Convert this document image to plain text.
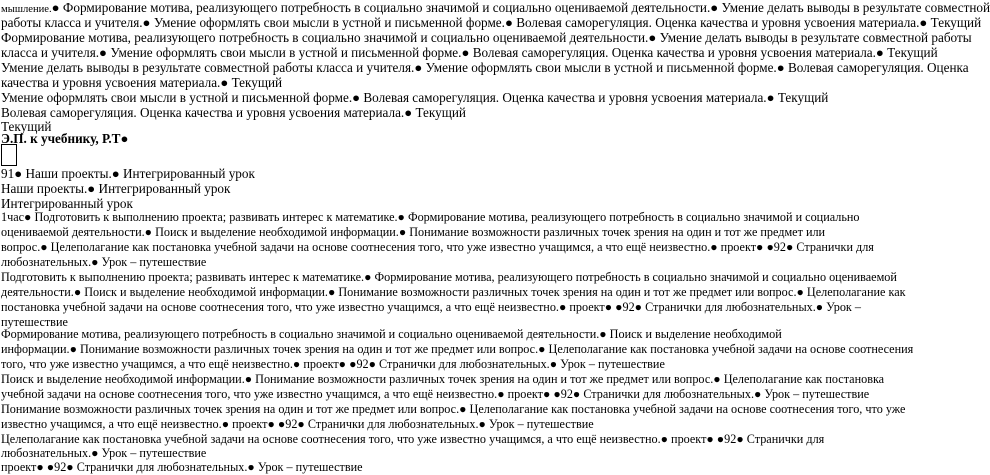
мышление.● Формирование мотива, реализующего потребность в социально значимой и социально оцениваемой деятельности.● Умение делать выводы в результате совместной
работы класса и учителя.● Умение оформлять свои мысли в устной и письменной форме.● Волевая саморегуляция. Оценка качества и уровня усвоения материала.● Текущий
Формирование мотива, реализующего потребность в социально значимой и социально оцениваемой деятельности.● Умение делать выводы в результате совместной работы
класса и учителя.● Умение оформлять свои мысли в устной и письменной форме.● Волевая саморегуляция. Оценка качества и уровня усвоения материала.● Текущий
Умение делать выводы в результате совместной работы класса и учителя.● Умение оформлять свои мысли в устной и письменной форме.● Волевая саморегуляция. Оценка
качества и уровня усвоения материала.● Текущий
Умение оформлять свои мысли в устной и письменной форме.● Волевая саморегуляция. Оценка качества и уровня усвоения материала.● Текущий
Волевая саморегуляция. Оценка качества и уровня усвоения материала.● Текущий
Текущий
Э.П. к учебнику, Р.Т●
91● Наши проекты.● Интегрированный урок
Наши проекты.● Интегрированный урок
Интегрированный урок
1час● Подготовить к выполнению проекта; развивать интерес к математике.● Формирование мотива, реализующего потребность в социально значимой и социально
оцениваемой деятельности.● Поиск и выделение необходимой информации.● Понимание возможности различных точек зрения на один и тот же предмет или
вопрос.● Целеполагание как постановка учебной задачи на основе соотнесения того, что уже известно учащимся, а что ещё неизвестно.● проект● ●92● Странички для
любознательных.● Урок – путешествие
Подготовить к выполнению проекта; развивать интерес к математике.● Формирование мотива, реализующего потребность в социально значимой и социально оцениваемой
деятельности.● Поиск и выделение необходимой информации.● Понимание возможности различных точек зрения на один и тот же предмет или вопрос.● Целеполагание как
постановка учебной задачи на основе соотнесения того, что уже известно учащимся, а что ещё неизвестно.● проект● ●92● Странички для любознательных.● Урок –
путешествие
Формирование мотива, реализующего потребность в социально значимой и социально оцениваемой деятельности.● Поиск и выделение необходимой
информации.● Понимание возможности различных точек зрения на один и тот же предмет или вопрос.● Целеполагание как постановка учебной задачи на основе соотнесения
того, что уже известно учащимся, а что ещё неизвестно.● проект● ●92● Странички для любознательных.● Урок – путешествие
Поиск и выделение необходимой информации.● Понимание возможности различных точек зрения на один и тот же предмет или вопрос.● Целеполагание как постановка
учебной задачи на основе соотнесения того, что уже известно учащимся, а что ещё неизвестно.● проект● ●92● Странички для любознательных.● Урок – путешествие
Понимание возможности различных точек зрения на один и тот же предмет или вопрос.● Целеполагание как постановка учебной задачи на основе соотнесения того, что уже
известно учащимся, а что ещё неизвестно.● проект● ●92● Странички для любознательных.● Урок – путешествие
Целеполагание как постановка учебной задачи на основе соотнесения того, что уже известно учащимся, а что ещё неизвестно.● проект● ●92● Странички для
любознательных.● Урок – путешествие
проект● ●92● Странички для любознательных.● Урок – путешествие
